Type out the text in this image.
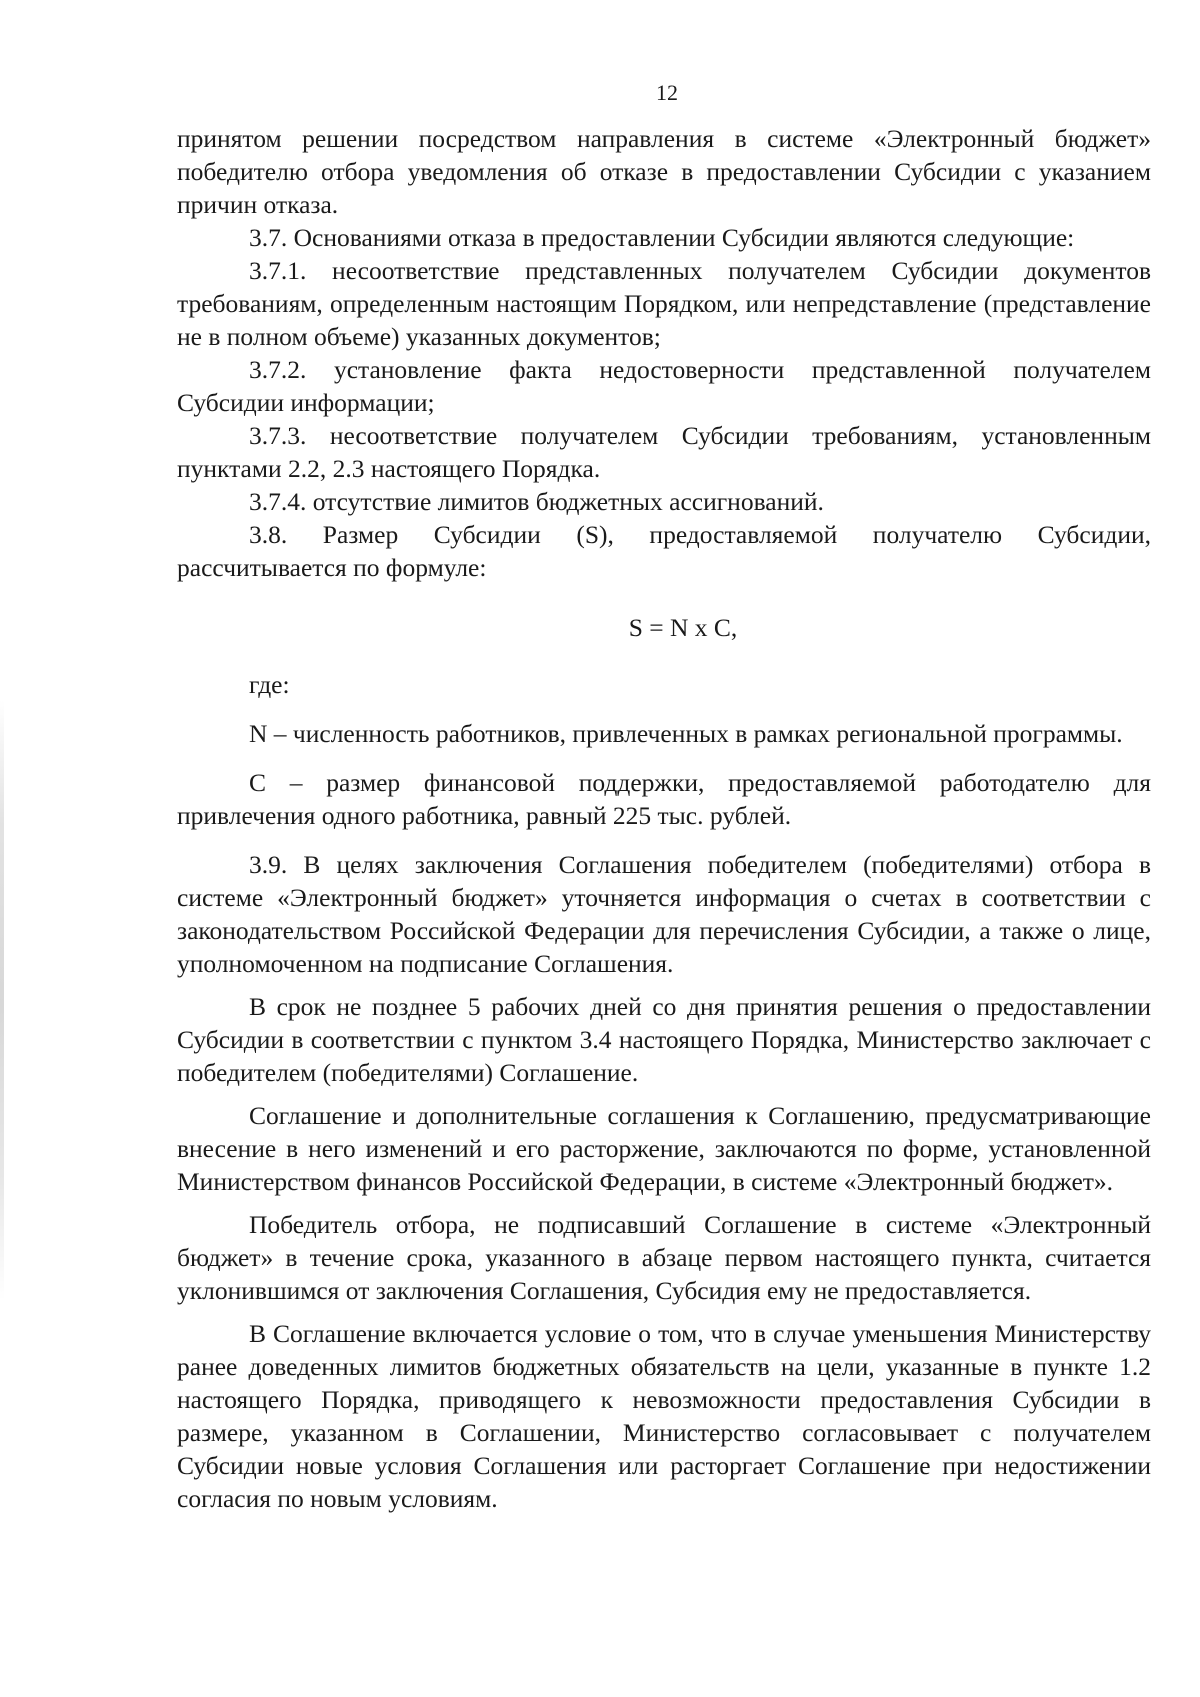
12

принятом решении посредством направления в системе «Электронный бюджет» победителю отбора уведомления об отказе в предоставлении Субсидии с указанием причин отказа.

3.7. Основаниями отказа в предоставлении Субсидии являются следующие:

3.7.1. несоответствие представленных получателем Субсидии документов требованиям, определенным настоящим Порядком, или непредставление (представление не в полном объеме) указанных документов;

3.7.2. установление факта недостоверности представленной получателем Субсидии информации;

3.7.3. несоответствие получателем Субсидии требованиям, установленным пунктами 2.2, 2.3 настоящего Порядка.

3.7.4. отсутствие лимитов бюджетных ассигнований.

3.8. Размер Субсидии (S), предоставляемой получателю Субсидии, рассчитывается по формуле:

S = N x C,

где:

N – численность работников, привлеченных в рамках региональной программы.

С – размер финансовой поддержки, предоставляемой работодателю для привлечения одного работника, равный 225 тыс. рублей.

3.9. В целях заключения Соглашения победителем (победителями) отбора в системе «Электронный бюджет» уточняется информация о счетах в соответствии с законодательством Российской Федерации для перечисления Субсидии, а также о лице, уполномоченном на подписание Соглашения.

В срок не позднее 5 рабочих дней со дня принятия решения о предоставлении Субсидии в соответствии с пунктом 3.4 настоящего Порядка, Министерство заключает с победителем (победителями) Соглашение.

Соглашение и дополнительные соглашения к Соглашению, предусматривающие внесение в него изменений и его расторжение, заключаются по форме, установленной Министерством финансов Российской Федерации, в системе «Электронный бюджет».

Победитель отбора, не подписавший Соглашение в системе «Электронный бюджет» в течение срока, указанного в абзаце первом настоящего пункта, считается уклонившимся от заключения Соглашения, Субсидия ему не предоставляется.

В Соглашение включается условие о том, что в случае уменьшения Министерству ранее доведенных лимитов бюджетных обязательств на цели, указанные в пункте 1.2 настоящего Порядка, приводящего к невозможности предоставления Субсидии в размере, указанном в Соглашении, Министерство согласовывает с получателем Субсидии новые условия Соглашения или расторгает Соглашение при недостижении согласия по новым условиям.
